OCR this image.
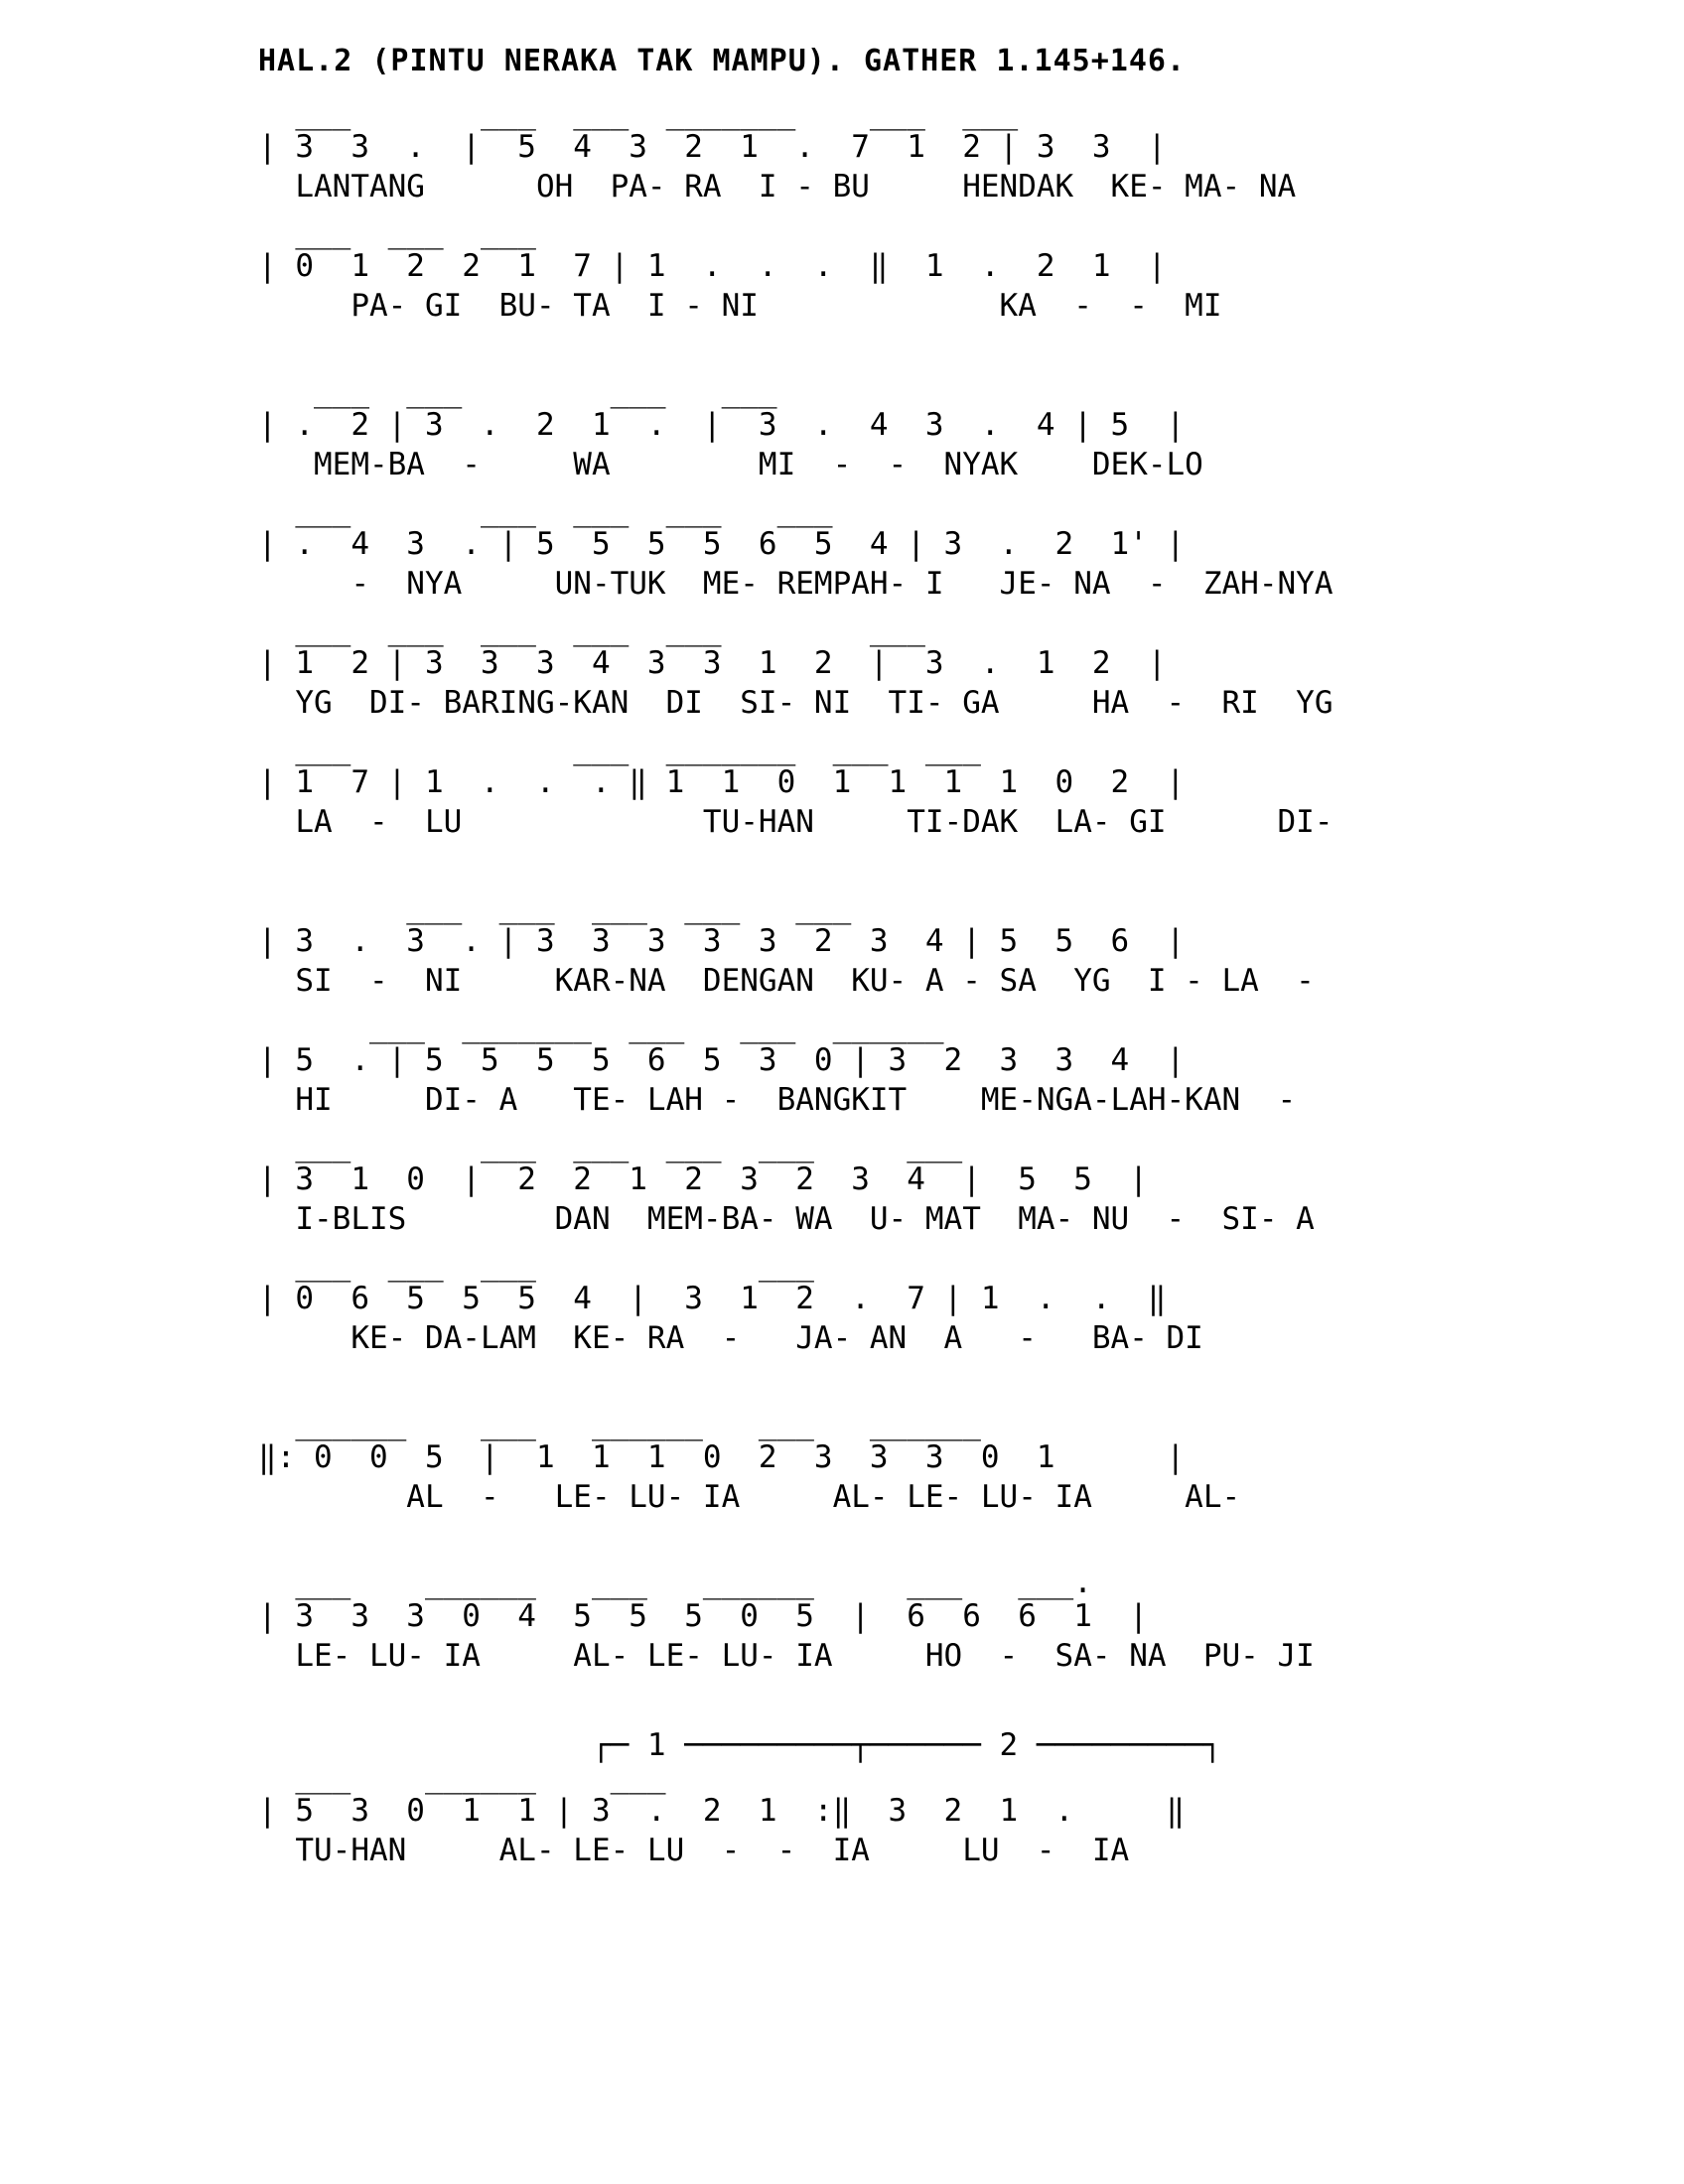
HAL.2 (PINTU NERAKA TAK MAMPU). GATHER 1.145+146.
___       ___  ___  _______    ___  ___
| 3  3  .  |  5  4  3  2  1  .  7  1  2 | 3  3  |
LANTANG      OH  PA- RA  I - BU     HENDAK  KE- MA- NA
___  ___  ___
| 0  1  2  2  1  7 | 1  .  .  .  ‖  1  .  2  1  |
PA- GI  BU- TA  I - NI             KA  -  -  MI
___  ___        ___   ___
| .  2 | 3  .  2  1  .  |  3  .  4  3  .  4 | 5  |
MEM-BA  -     WA        MI  -  -  NYAK    DEK-LO
___       ___  ___  ___   ___
| .  4  3  . | 5  5  5  5  6  5  4 | 3  .  2  1' |
-  NYA     UN-TUK  ME- REMPAH- I   JE- NA  -  ZAH-NYA
___  ___  ___  ___  ___        ___
| 1  2 | 3  3  3  4  3  3  1  2  |  3  .  1  2  |
YG  DI- BARING-KAN  DI  SI- NI  TI- GA     HA  -  RI  YG
___            ___  _______  ___  ___
| 1  7 | 1  .  .  . ‖ 1  1  0  1  1  1  1  0  2  |
LA  -  LU             TU-HAN     TI-DAK  LA- GI      DI-
___  ___  ___  ___   ___
| 3  .  3  . | 3  3  3  3  3  2  3  4 | 5  5  6  |
SI  -  NI     KAR-NA  DENGAN  KU- A - SA  YG  I - LA  -
___  _______  ___   ___  ______
| 5  . | 5  5  5  5  6  5  3  0 | 3  2  3  3  4  |
HI     DI- A   TE- LAH -  BANGKIT    ME-NGA-LAH-KAN  -
___       ___  ___  ___  ___     ___
| 3  1  0  |  2  2  1  2  3  2  3  4  |  5  5  |
I-BLIS        DAN  MEM-BA- WA  U- MAT  MA- NU  -  SI- A
___  ___  ___            ___
| 0  6  5  5  5  4  |  3  1  2  .  7 | 1  .  .  ‖
KE- DA-LAM  KE- RA  -   JA- AN  A   -   BA- DI
______    ___   ______   ___   ______
‖: 0  0  5  |  1  1  1  0  2  3  3  3  0  1      |
AL  -   LE- LU- IA     AL- LE- LU- IA     AL-
___    ______   ___   ______     ___   ___.
| 3  3  3  0  4  5  5  5  0  5  |  6  6  6  1  |
LE- LU- IA     AL- LE- LU- IA     HO  -  SA- NA  PU- JI
┌─ 1 ─────────┬────── 2 ─────────┐
___    ______    ___
| 5  3  0  1  1 | 3  .  2  1  :‖  3  2  1  .     ‖
TU-HAN     AL- LE- LU  -  -  IA     LU  -  IA
